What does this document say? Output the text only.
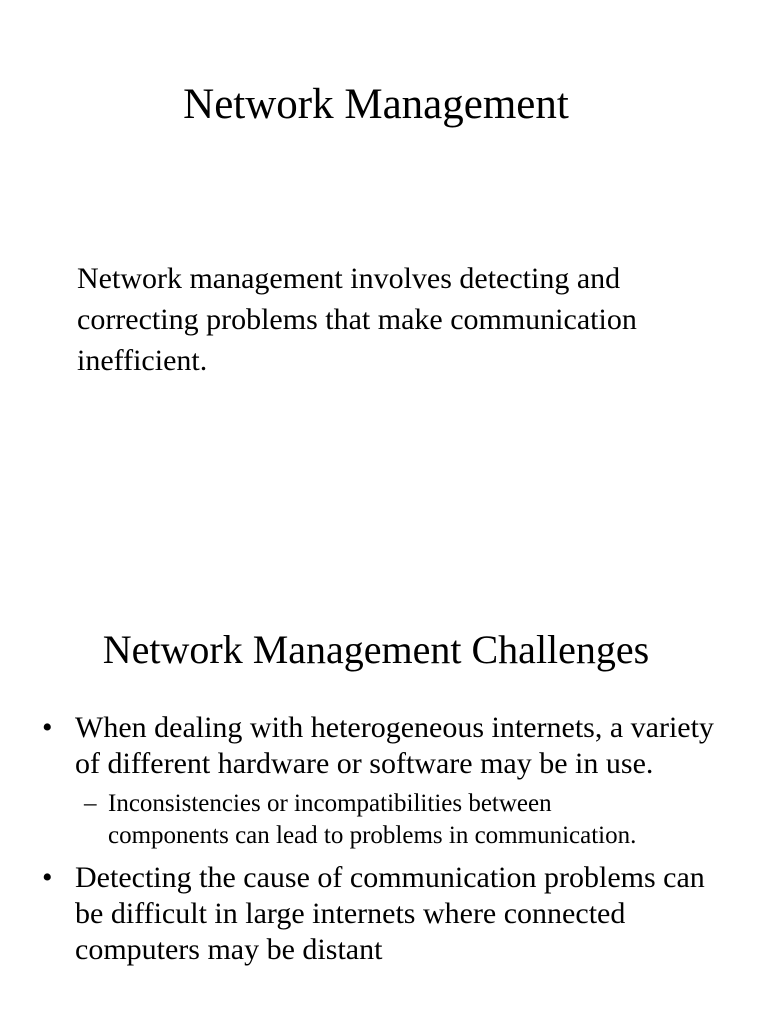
Network Management

Network management involves detecting and correcting problems that make communication inefficient.

Network Management Challenges
• When dealing with heterogeneous internets, a variety of different hardware or software may be in use.
– Inconsistencies or incompatibilities between components can lead to problems in communication.
• Detecting the cause of communication problems can be difficult in large internets where connected computers may be distant
